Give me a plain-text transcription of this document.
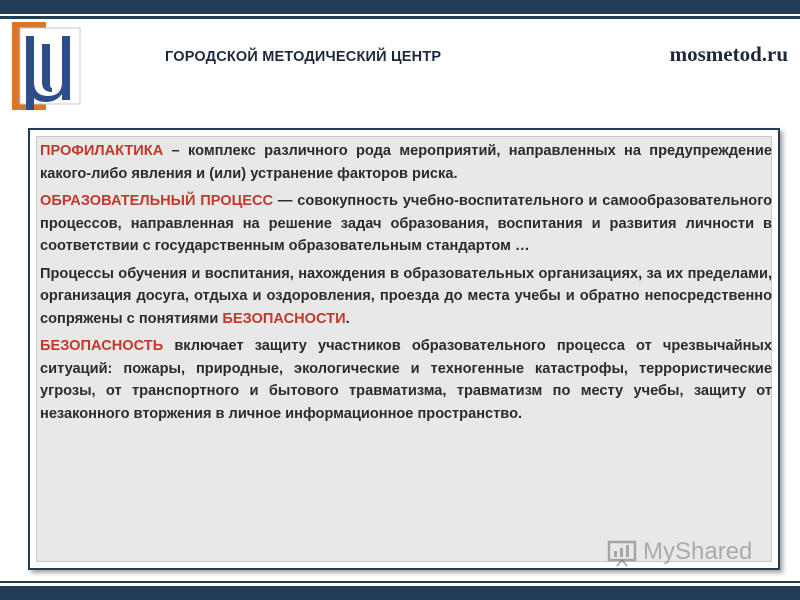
ГОРОДСКОЙ МЕТОДИЧЕСКИЙ ЦЕНТР	mosmetod.ru

ПРОФИЛАКТИКА – комплекс различного рода мероприятий, направленных на предупреждение какого-либо явления и (или) устранение факторов риска.

ОБРАЗОВАТЕЛЬНЫЙ ПРОЦЕСС — совокупность учебно-воспитательного и самообразовательного процессов, направленная на решение задач образования, воспитания и развития личности в соответствии с государственным образовательным стандартом …

Процессы обучения и воспитания, нахождения в образовательных организациях, за их пределами, организация досуга, отдыха и оздоровления, проезда до места учебы и обратно непосредственно сопряжены с понятиями БЕЗОПАСНОСТИ.

БЕЗОПАСНОСТЬ включает защиту участников образовательного процесса от чрезвычайных ситуаций: пожары, природные, экологические и техногенные катастрофы, террористические угрозы, от транспортного и бытового травматизма, травматизм по месту учебы, защиту от незаконного вторжения в личное информационное пространство.

MyShared
